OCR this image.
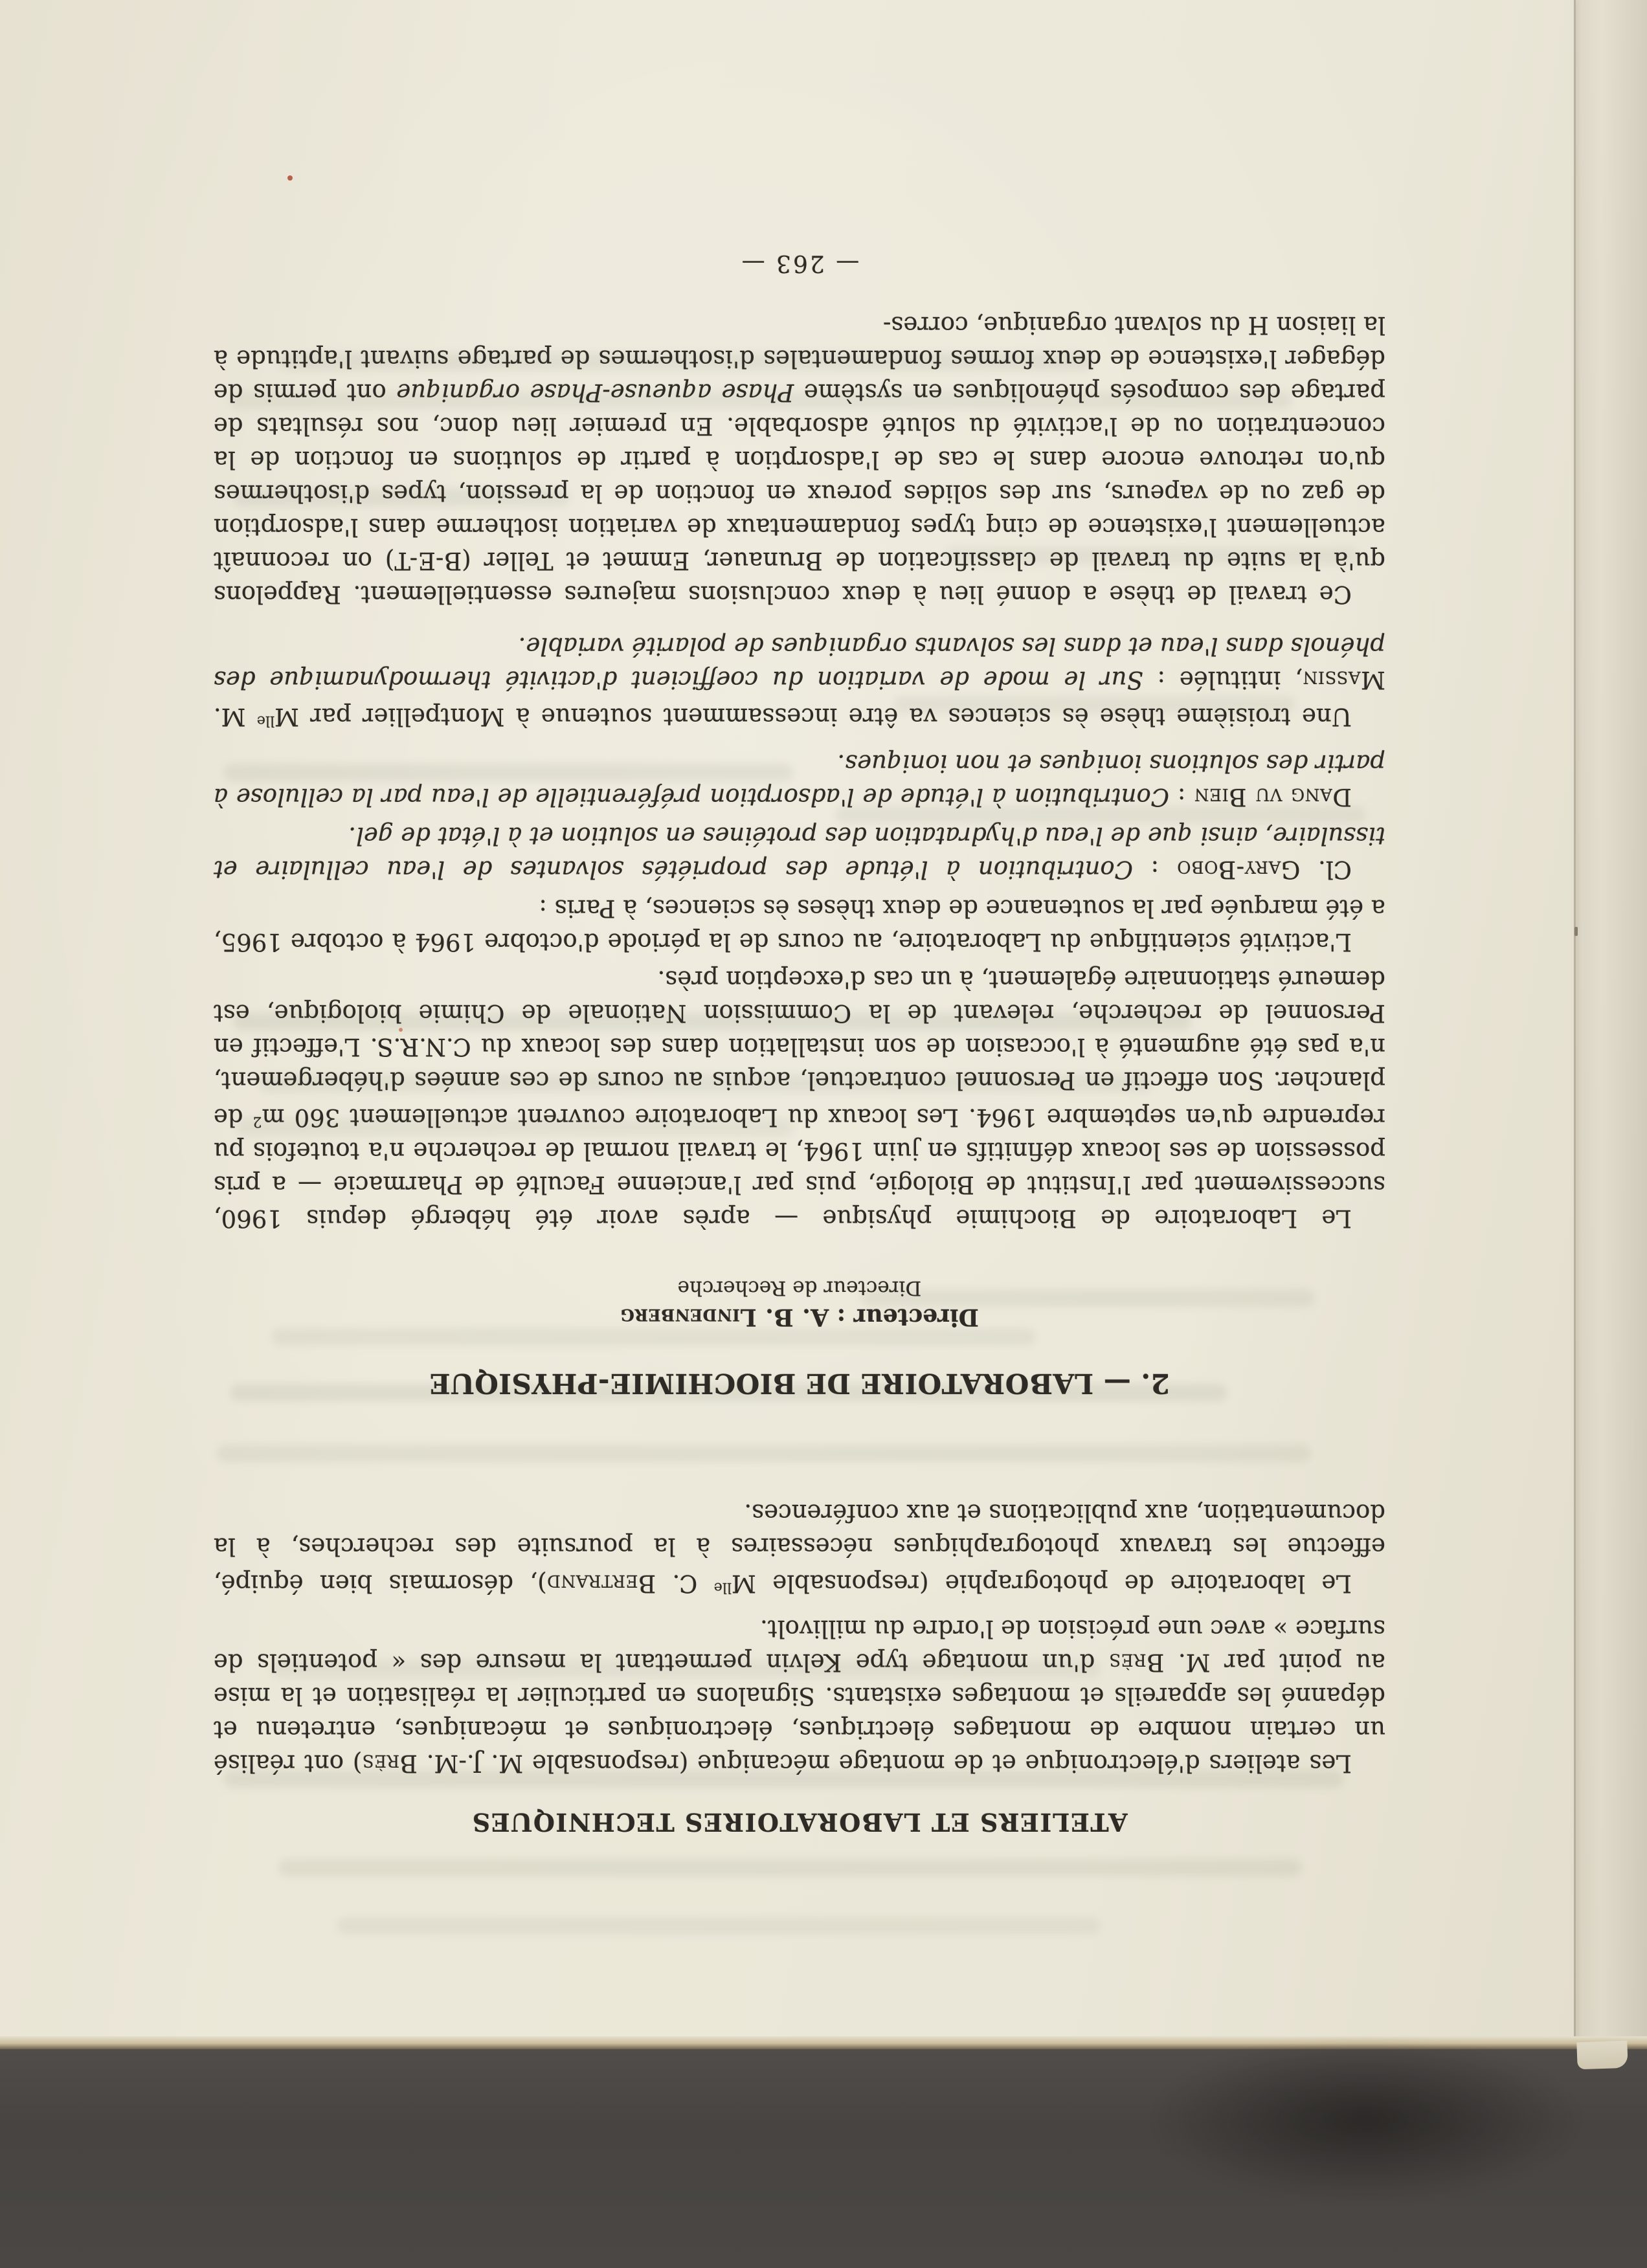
ATELIERS ET LABORATOIRES TECHNIQUES

Les ateliers d'électronique et de montage mécanique (responsable M. J.-M. Brès) ont réalisé un certain nombre de montages électriques, électroniques et mécaniques, entretenu et dépanné les appareils et montages existants. Signalons en particulier la réalisation et la mise au point par M. Brès d'un montage type Kelvin permettant la mesure des « potentiels de surface » avec une précision de l'ordre du millivolt.

Le laboratoire de photographie (responsable $M^{lle}$ C. Bertrand), désormais bien équipé, effectue les travaux photographiques nécessaires à la poursuite des recherches, à la documentation, aux publications et aux conférences.

2. — LABORATOIRE DE BIOCHIMIE-PHYSIQUE

Directeur : A. B. Lindenberg

Directeur de Recherche

Le Laboratoire de Biochimie physique — après avoir été hébergé depuis 1960, successivement par l'Institut de Biologie, puis par l'ancienne Faculté de Pharmacie — a pris possession de ses locaux définitifs en juin 1964, le travail normal de recherche n'a toutefois pu reprendre qu'en septembre 1964. Les locaux du Laboratoire couvrent actuellement 360 $m^2$ de plancher. Son effectif en Personnel contractuel, acquis au cours de ces années d'hébergement, n'a pas été augmenté à l'occasion de son installation dans des locaux du C.N.R.S. L'effectif en Personnel de recherche, relevant de la Commission Nationale de Chimie biologique, est demeuré stationnaire également, à un cas d'exception près.

L'activité scientifique du Laboratoire, au cours de la période d'octobre 1964 à octobre 1965, a été marquée par la soutenance de deux thèses ès sciences, à Paris :

Cl. Gary-Bobo : Contribution à l'étude des propriétés solvantes de l'eau cellulaire et tissulaire, ainsi que de l'eau d'hydratation des protéines en solution et à l'état de gel.

Dang vu Bien : Contribution à l'étude de l'adsorption préférentielle de l'eau par la cellulose à partir des solutions ioniques et non ioniques.

Une troisième thèse ès sciences va être incessamment soutenue à Montpellier par $M^{lle}$ M. Massin, intitulée : Sur le mode de variation du coefficient d'activité thermodynamique des phénols dans l'eau et dans les solvants organiques de polarité variable.

Ce travail de thèse a donné lieu à deux conclusions majeures essentiellement. Rappelons qu'à la suite du travail de classification de Brunauer, Emmet et Teller (B-E-T) on reconnaît actuellement l'existence de cinq types fondamentaux de variation isotherme dans l'adsorption de gaz ou de vapeurs, sur des solides poreux en fonction de la pression, types d'isothermes qu'on retrouve encore dans le cas de l'adsorption à partir de solutions en fonction de la concentration ou de l'activité du soluté adsorbable. En premier lieu donc, nos résultats de partage des composés phénoliques en système Phase aqueuse-Phase organique ont permis de dégager l'existence de deux formes fondamentales d'isothermes de partage suivant l'aptitude à la liaison H du solvant organique, corres-

— 263 —
